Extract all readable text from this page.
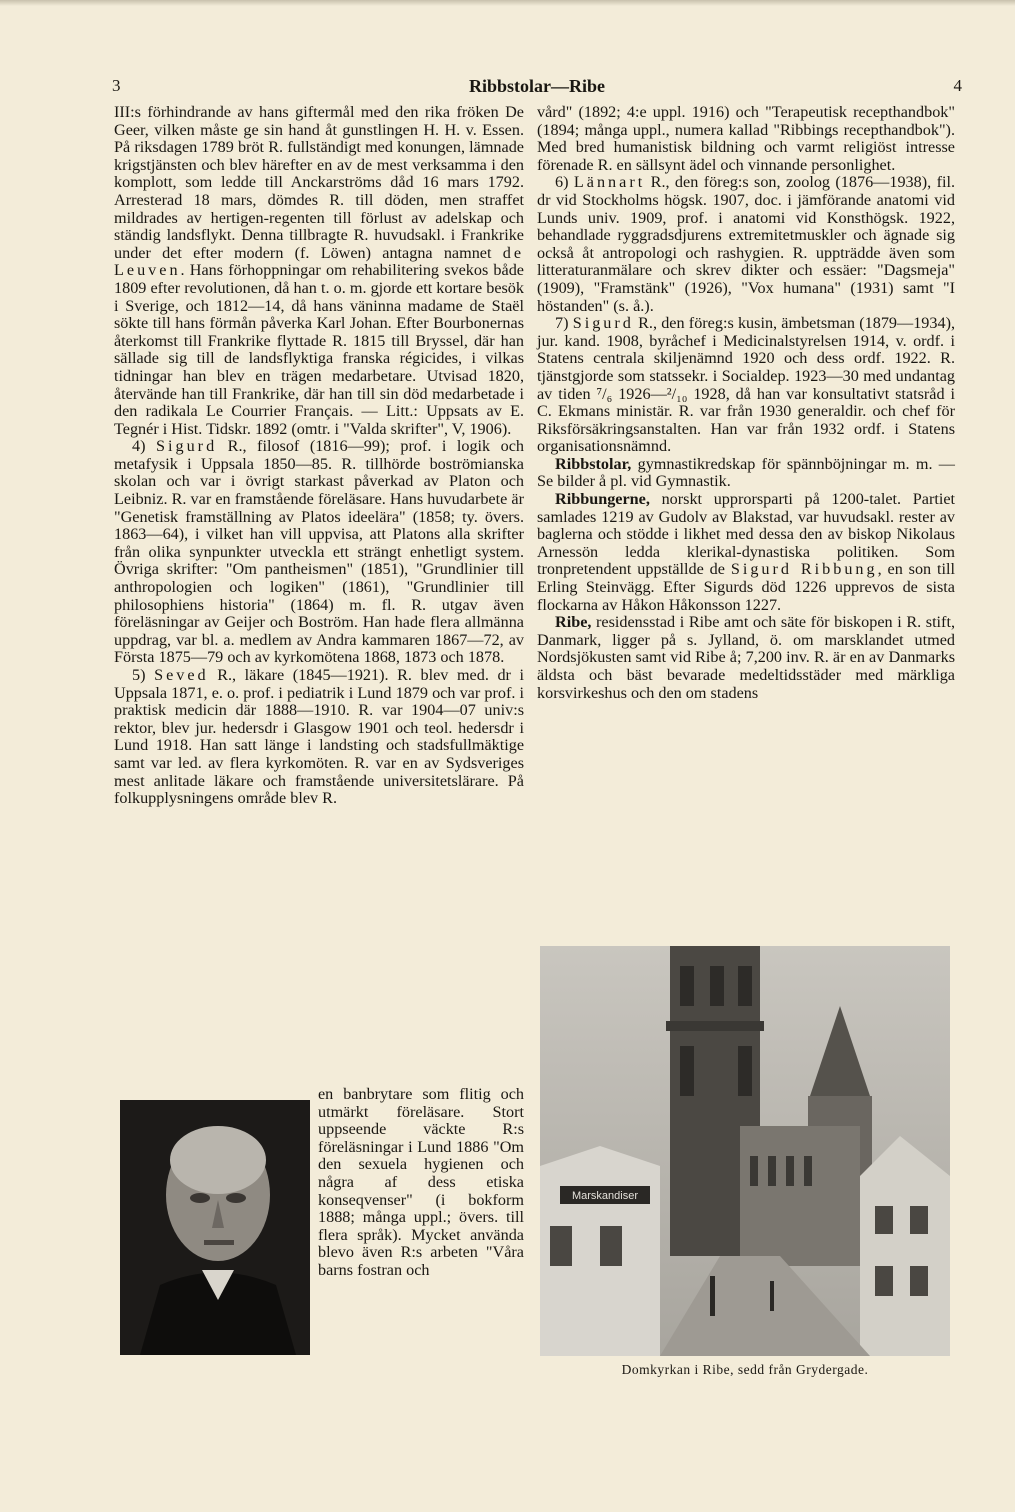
3	Ribbstolar—Ribe	4

III:s förhindrande av hans giftermål med den rika fröken De Geer, vilken måste ge sin hand åt gunstlingen H. H. v. Essen. På riksdagen 1789 bröt R. fullständigt med konungen, lämnade krigstjänsten och blev härefter en av de mest verksamma i den komplott, som ledde till Anckarströms dåd 16 mars 1792. Arresterad 18 mars, dömdes R. till döden, men straffet mildrades av hertigen-regenten till förlust av adelskap och ständig landsflykt. Denna tillbragte R. huvudsakl. i Frankrike under det efter modern (f. Löwen) antagna namnet de Leuven. Hans förhoppningar om rehabilitering svekos både 1809 efter revolutionen, då han t. o. m. gjorde ett kortare besök i Sverige, och 1812—14, då hans väninna madame de Staël sökte till hans förmån påverka Karl Johan. Efter Bourbonernas återkomst till Frankrike flyttade R. 1815 till Bryssel, där han sällade sig till de landsflyktiga franska régicides, i vilkas tidningar han blev en trägen medarbetare. Utvisad 1820, återvände han till Frankrike, där han till sin död medarbetade i den radikala Le Courrier Français. — Litt.: Uppsats av E. Tegnér i Hist. Tidskr. 1892 (omtr. i "Valda skrifter", V, 1906).

4) Sigurd R., filosof (1816—99); prof. i logik och metafysik i Uppsala 1850—85. R. tillhörde boströmianska skolan och var i övrigt starkast påverkad av Platon och Leibniz. R. var en framstående föreläsare. Hans huvudarbete är "Genetisk framställning av Platos ideelära" (1858; ty. övers. 1863—64), i vilket han vill uppvisa, att Platons alla skrifter från olika synpunkter utveckla ett strängt enhetligt system. Övriga skrifter: "Om pantheismen" (1851), "Grundlinier till anthropologien och logiken" (1861), "Grundlinier till philosophiens historia" (1864) m. fl. R. utgav även föreläsningar av Geijer och Boström. Han hade flera allmänna uppdrag, var bl. a. medlem av Andra kammaren 1867—72, av Första 1875—79 och av kyrkomötena 1868, 1873 och 1878.

5) Seved R., läkare (1845—1921). R. blev med. dr i Uppsala 1871, e. o. prof. i pediatrik i Lund 1879 och var prof. i praktisk medicin där 1888—1910. R. var 1904—07 univ:s rektor, blev jur. hedersdr i Glasgow 1901 och teol. hedersdr i Lund 1918. Han satt länge i landsting och stadsfullmäktige samt var led. av flera kyrkomöten. R. var en av Sydsveriges mest anlitade läkare och framstående universitetslärare. På folkupplysningens område blev R.

en banbrytare som flitig och utmärkt föreläsare. Stort uppseende väckte R:s föreläsningar i Lund 1886 "Om den sexuela hygienen och några af dess etiska konseqvenser" (i bokform 1888; många uppl.; övers. till flera språk). Mycket använda blevo även R:s arbeten "Våra barns fostran och

vård" (1892; 4:e uppl. 1916) och "Terapeutisk recepthandbok" (1894; många uppl., numera kallad "Ribbings recepthandbok"). Med bred humanistisk bildning och varmt religiöst intresse förenade R. en sällsynt ädel och vinnande personlighet.

6) Lännart R., den föreg:s son, zoolog (1876—1938), fil. dr vid Stockholms högsk. 1907, doc. i jämförande anatomi vid Lunds univ. 1909, prof. i anatomi vid Konsthögsk. 1922, behandlade ryggradsdjurens extremitetmuskler och ägnade sig också åt antropologi och rashygien. R. uppträdde även som litteraturanmälare och skrev dikter och essäer: "Dagsmeja" (1909), "Framstänk" (1926), "Vox humana" (1931) samt "I höstanden" (s. å.).

7) Sigurd R., den föreg:s kusin, ämbetsman (1879—1934), jur. kand. 1908, byråchef i Medicinalstyrelsen 1914, v. ordf. i Statens centrala skiljenämnd 1920 och dess ordf. 1922. R. tjänstgjorde som statssekr. i Socialdep. 1923—30 med undantag av tiden ⁷/₆ 1926—²/₁₀ 1928, då han var konsultativt statsråd i C. Ekmans ministär. R. var från 1930 generaldir. och chef för Riksförsäkringsanstalten. Han var från 1932 ordf. i Statens organisationsnämnd.

Ribbstolar, gymnastikredskap för spännböjningar m. m. — Se bilder å pl. vid Gymnastik.

Ribbungerne, norskt upprorsparti på 1200-talet. Partiet samlades 1219 av Gudolv av Blakstad, var huvudsakl. rester av baglerna och stödde i likhet med dessa den av biskop Nikolaus Arnessön ledda klerikal-dynastiska politiken. Som tronpretendent uppställde de Sigurd Ribbung, en son till Erling Steinvägg. Efter Sigurds död 1226 upprevos de sista flockarna av Håkon Håkonsson 1227.

Ribe, residensstad i Ribe amt och säte för biskopen i R. stift, Danmark, ligger på s. Jylland, ö. om marsklandet utmed Nordsjökusten samt vid Ribe å; 7,200 inv. R. är en av Danmarks äldsta och bäst bevarade medeltidsstäder med märkliga korsvirkeshus och den om stadens

Marskandiser
Domkyrkan i Ribe, sedd från Grydergade.
